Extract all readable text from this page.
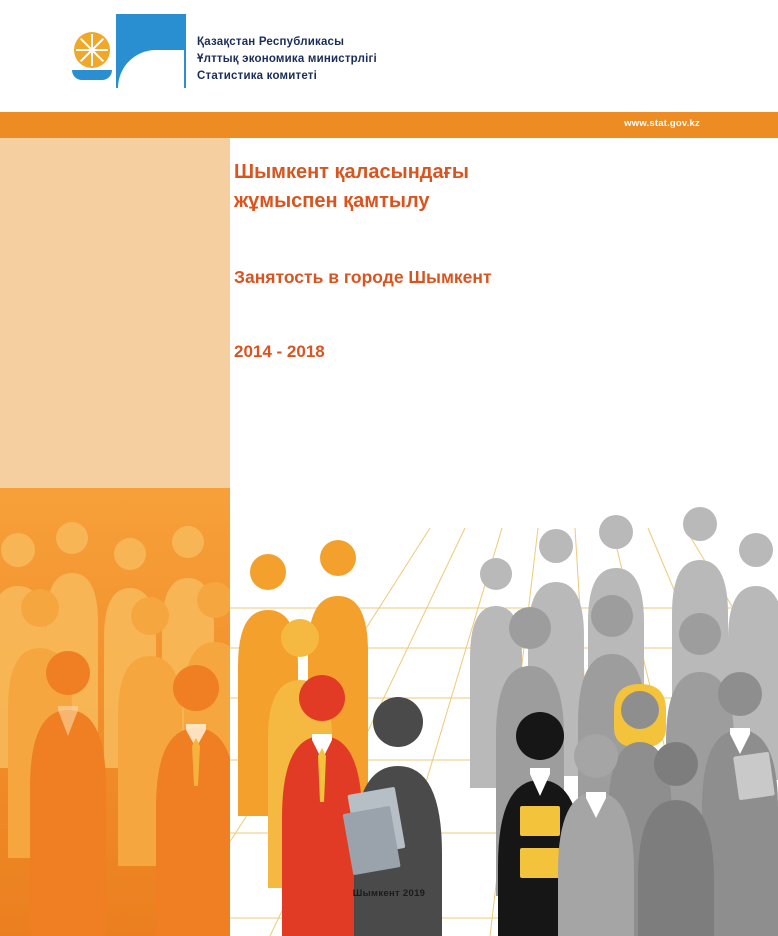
Қазақстан Республикасы
Ұлттық экономика министрлігі
Статистика комитеті
www.stat.gov.kz
Шымкент қаласындағы
жұмыспен қамтылу
Занятость в городе Шымкент
2014 - 2018
Шымкент 2019
